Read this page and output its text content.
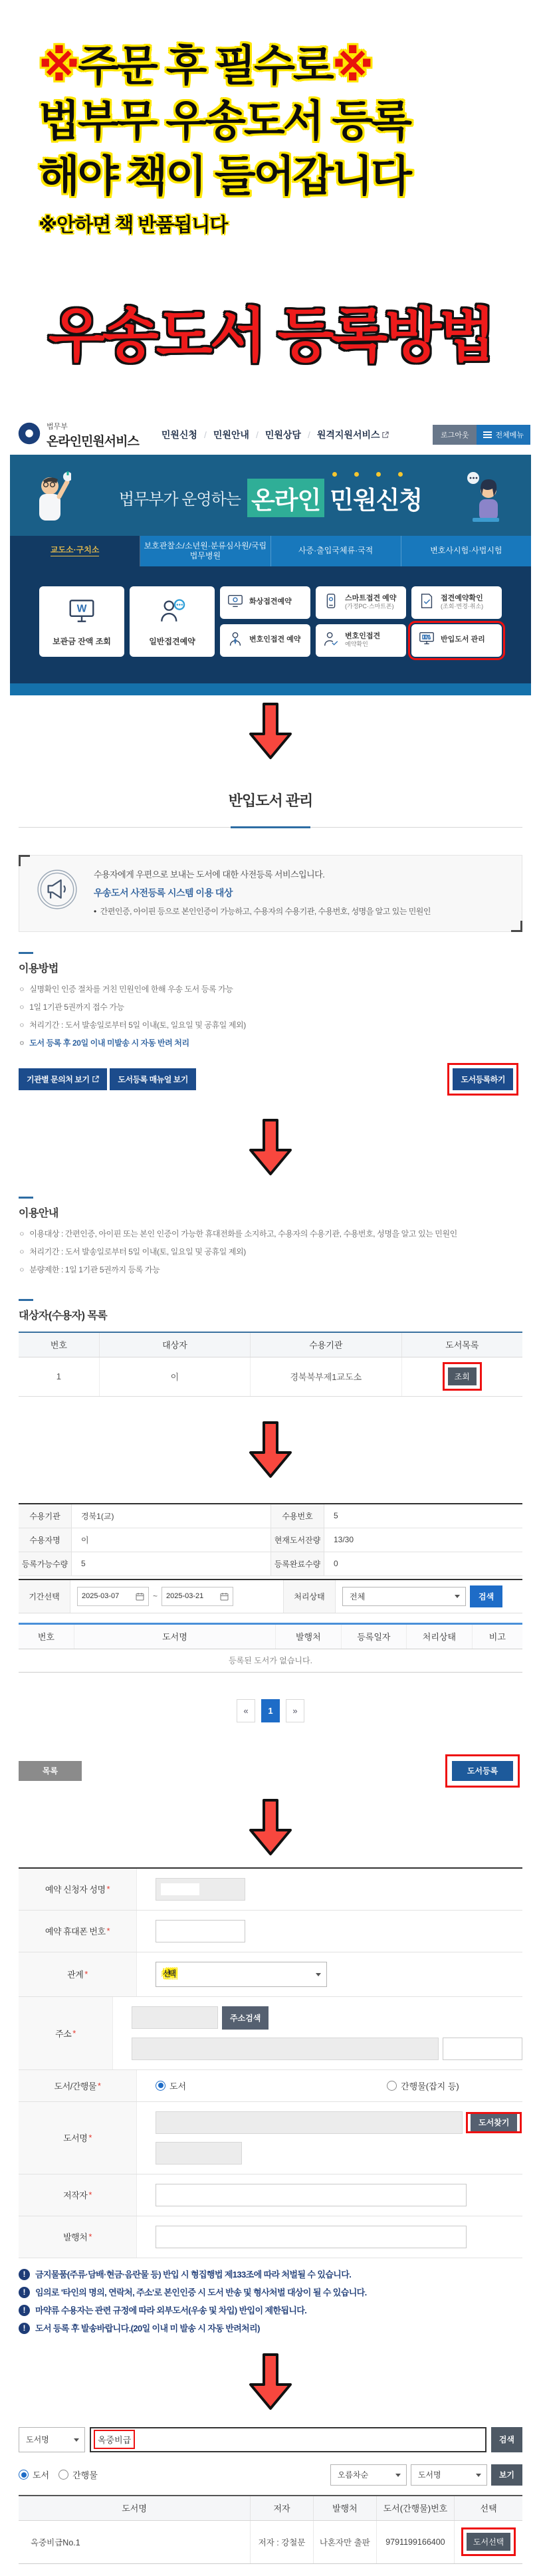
※주문 후 필수로※
법부무 우송도서 등록
해야 책이 들어갑니다
※안하면 책 반품됩니다
우송도서 등록방법
법무부
온라인민원서비스 민원신청 / 민원안내 / 민원상담 / 원격지원서비스	로그아웃	전체메뉴
법무부가 운영하는 온라인 민원신청
교도소·구치소	보호관찰소/소년원·분류심사원/국립법무병원
사증·출입국체류·국적	변호사시험·사법시험
W
보관금 잔액 조회	일반접견예약
화상접견예약	스마트접견 예약
(가정PC·스마트폰)
접견예약확인
(조회·변경·취소)
변호인접견 예약	변호인접견
예약확인
반입도서 관리
반입도서 관리
수용자에게 우편으로 보내는 도서에 대한 사전등록 서비스입니다.
우송도서 사전등록 시스템 이용 대상
• 간편인증, 아이핀 등으로 본인인증이 가능하고, 수용자의 수용기관, 수용번호, 성명을 알고 있는 민원인
이용방법
ㅇ 실명확인 인증 절차를 거친 민원인에 한해 우송 도서 등록 가능
ㅇ 1일 1기관 5권까지 접수 가능
ㅇ 처리기간 : 도서 발송일로부터 5일 이내(토, 일요일 및 공휴일 제외)
ㅇ 도서 등록 후 20일 이내 미발송 시 자동 반려 처리
기관별 문의처 보기	도서등록 매뉴얼 보기	도서등록하기
이용안내
ㅇ 이용대상 : 간편인증, 아이핀 또는 본인 인증이 가능한 휴대전화를 소지하고, 수용자의 수용기관, 수용번호, 성명을 알고 있는 민원인
ㅇ 처리기간 : 도서 발송일로부터 5일 이내(토, 일요일 및 공휴일 제외)
ㅇ 분량제한 : 1일 1기관 5권까지 등록 가능
대상자(수용자) 목록
번호	대상자	수용기관	도서목록
1	이	경북북부제1교도소	조회
수용기관	경북1(교)	수용번호	5
수용자명	이	현재도서잔량	13/30
등록가능수량	5	등록완료수량	0
기간선택	2025-03-07	~ 2025-03-21	처리상태	전체	검색
번호	도서명	발행처	등록일자	처리상태	비고
등록된 도서가 없습니다.
«	1	»
목록	도서등록
예약 신청자 성명 *
예약 휴대폰 번호 *
관계 *	선택
주소 *
주소검색
도서/간행물 *	도서	간행물(잡지 등)
도서명 *
도서찾기
저작자 *
발행처 *
!	금지물품(주류·담배·현금·음란물 등) 반입 시 형집행법 제133조에 따라 처벌될 수 있습니다.
!	임의로 '타인의 명의, 연락처, 주소'로 본인인증 시 도서 반송 및 형사처벌 대상이 될 수 있습니다.
!	마약류 수용자는 관련 규정에 따라 외부도서(우송 및 차입) 반입이 제한됩니다.
!	도서 등록 후 발송바랍니다.(20일 이내 미 발송 시 자동 반려처리)
도서명	옥중비급	검색
도서	간행물	오름차순	도서명	보기
도서명	저자	발행처	도서(간행물)번호	선택
옥중비급No.1	저자 : 강철문	나혼자만 출판	9791199166400	도서선택
